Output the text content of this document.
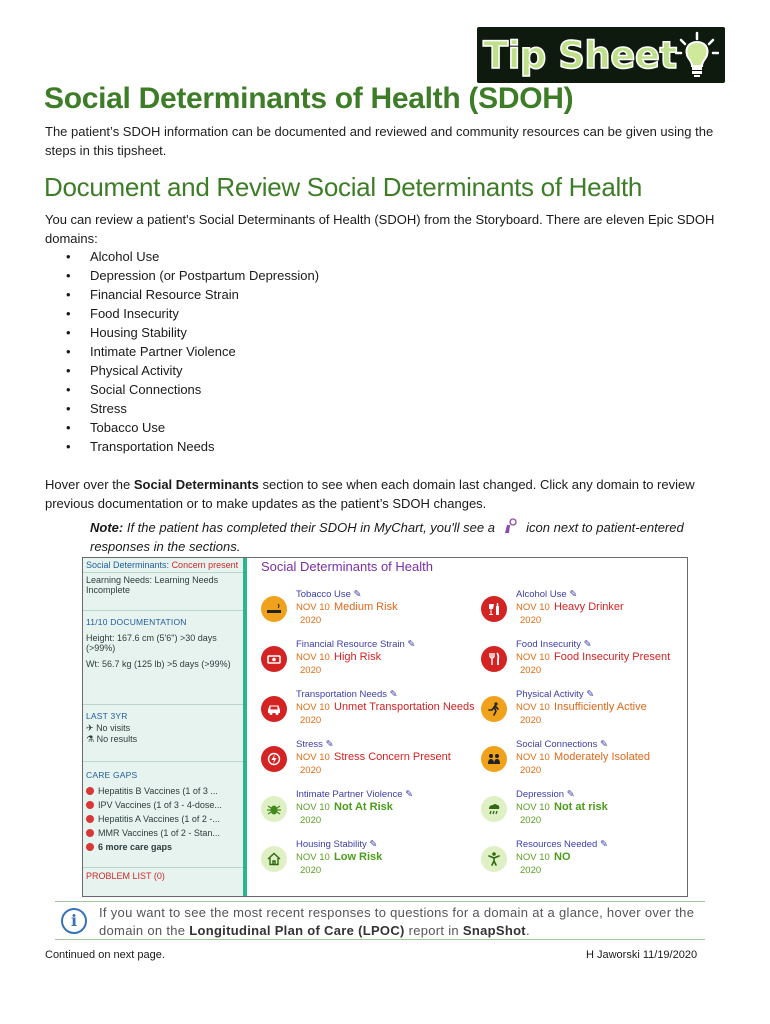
Tip Sheet
Social Determinants of Health (SDOH)
The patient’s SDOH information can be documented and reviewed and community resources can be given using the steps in this tipsheet.
Document and Review Social Determinants of Health
You can review a patient's Social Determinants of Health (SDOH) from the Storyboard. There are eleven Epic SDOH domains:
• Alcohol Use
• Depression (or Postpartum Depression)
• Financial Resource Strain
• Food Insecurity
• Housing Stability
• Intimate Partner Violence
• Physical Activity
• Social Connections
• Stress
• Tobacco Use
• Transportation Needs
Hover over the Social Determinants section to see when each domain last changed. Click any domain to review previous documentation or to make updates as the patient’s SDOH changes.
Note: If the patient has completed their SDOH in MyChart, you'll see a  icon next to patient-entered responses in the sections.
Social Determinants: Concern present
Learning Needs: Learning Needs Incomplete
11/10 DOCUMENTATION
Height: 167.6 cm (5'6") >30 days (>99%)
Wt: 56.7 kg (125 lb) >5 days (>99%)
LAST 3YR
✈ No visits
⚗ No results
CARE GAPS
Hepatitis B Vaccines (1 of 3 ...
IPV Vaccines (1 of 3 - 4-dose...
Hepatitis A Vaccines (1 of 2 -...
MMR Vaccines (1 of 2 - Stan...
6 more care gaps
PROBLEM LIST (0)
Social Determinants of Health
Tobacco Use ✎
NOV 10
2020
Medium Risk
Alcohol Use ✎
NOV 10
2020
Heavy Drinker
Financial Resource Strain ✎
NOV 10
2020
High Risk
Food Insecurity ✎
NOV 10
2020
Food Insecurity Present
Transportation Needs ✎
NOV 10
2020
Unmet Transportation Needs
Physical Activity ✎
NOV 10
2020
Insufficiently Active
Stress ✎
NOV 10
2020
Stress Concern Present
Social Connections ✎
NOV 10
2020
Moderately Isolated
Intimate Partner Violence ✎
NOV 10
2020
Not At Risk
Depression ✎
NOV 10
2020
Not at risk
Housing Stability ✎
NOV 10
2020
Low Risk
Resources Needed ✎
NOV 10
2020
NO
i
If you want to see the most recent responses to questions for a domain at a glance, hover over the domain on the Longitudinal Plan of Care (LPOC) report in SnapShot.
Continued on next page.	H Jaworski 11/19/2020
